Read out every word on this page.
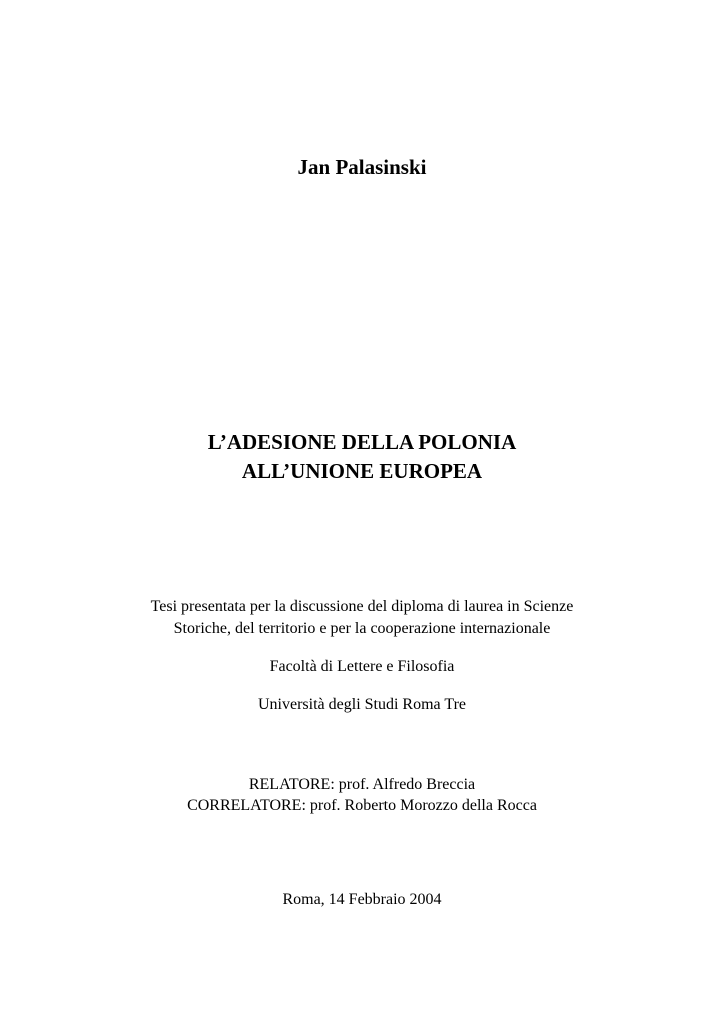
Jan Palasinski
L’ADESIONE DELLA POLONIA
ALL’UNIONE EUROPEA
Tesi presentata per la discussione del diploma di laurea in Scienze
Storiche, del territorio e per la cooperazione internazionale
Facoltà di Lettere e Filosofia
Università degli Studi Roma Tre
RELATORE: prof. Alfredo Breccia
CORRELATORE: prof. Roberto Morozzo della Rocca
Roma, 14 Febbraio 2004
